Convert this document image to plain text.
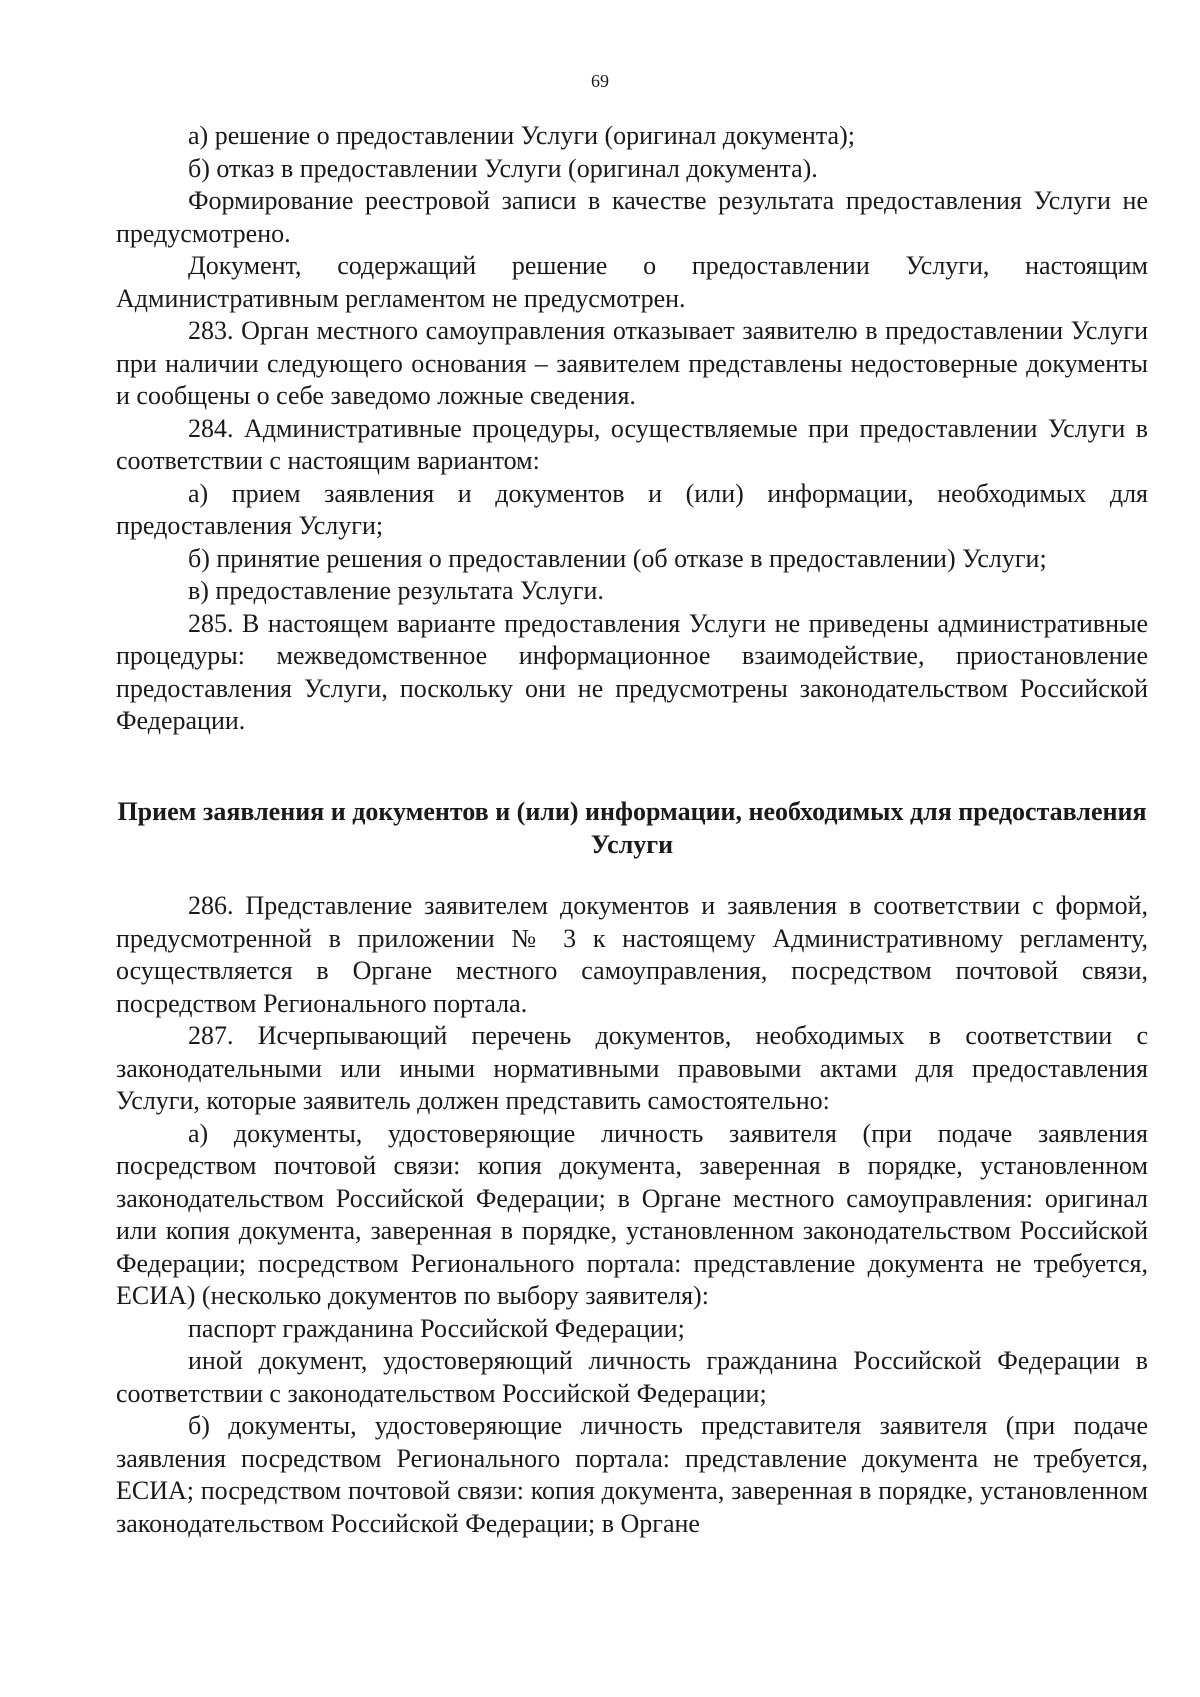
69

а) решение о предоставлении Услуги (оригинал документа);

б) отказ в предоставлении Услуги (оригинал документа).

Формирование реестровой записи в качестве результата предоставления Услуги не предусмотрено.

Документ, содержащий решение о предоставлении Услуги, настоящим Административным регламентом не предусмотрен.

283. Орган местного самоуправления отказывает заявителю в предоставлении Услуги при наличии следующего основания – заявителем представлены недостоверные документы и сообщены о себе заведомо ложные сведения.

284. Административные процедуры, осуществляемые при предоставлении Услуги в соответствии с настоящим вариантом:

а) прием заявления и документов и (или) информации, необходимых для предоставления Услуги;

б) принятие решения о предоставлении (об отказе в предоставлении) Услуги;

в) предоставление результата Услуги.

285. В настоящем варианте предоставления Услуги не приведены административные процедуры: межведомственное информационное взаимодействие, приостановление предоставления Услуги, поскольку они не предусмотрены законодательством Российской Федерации.

Прием заявления и документов и (или) информации, необходимых для предоставления Услуги

286. Представление заявителем документов и заявления в соответствии с формой, предусмотренной в приложении № 3 к настоящему Административному регламенту, осуществляется в Органе местного самоуправления, посредством почтовой связи, посредством Регионального портала.

287. Исчерпывающий перечень документов, необходимых в соответствии с законодательными или иными нормативными правовыми актами для предоставления Услуги, которые заявитель должен представить самостоятельно:

а) документы, удостоверяющие личность заявителя (при подаче заявления посредством почтовой связи: копия документа, заверенная в порядке, установленном законодательством Российской Федерации; в Органе местного самоуправления: оригинал или копия документа, заверенная в порядке, установленном законодательством Российской Федерации; посредством Регионального портала: представление документа не требуется, ЕСИА) (несколько документов по выбору заявителя):

паспорт гражданина Российской Федерации;

иной документ, удостоверяющий личность гражданина Российской Федерации в соответствии с законодательством Российской Федерации;

б) документы, удостоверяющие личность представителя заявителя (при подаче заявления посредством Регионального портала: представление документа не требуется, ЕСИА; посредством почтовой связи: копия документа, заверенная в порядке, установленном законодательством Российской Федерации; в Органе
